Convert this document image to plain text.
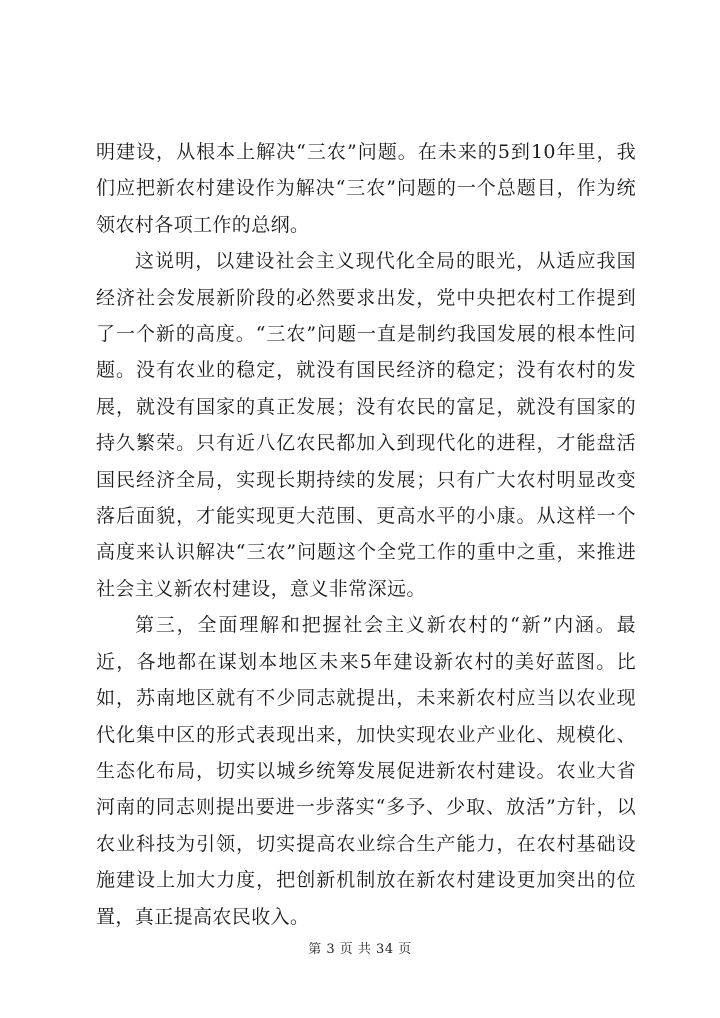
明建设，从根本上解决“三农”问题。在未来的5到10年里，我们应把新农村建设作为解决“三农”问题的一个总题目，作为统领农村各项工作的总纲。

这说明，以建设社会主义现代化全局的眼光，从适应我国经济社会发展新阶段的必然要求出发，党中央把农村工作提到了一个新的高度。“三农”问题一直是制约我国发展的根本性问题。没有农业的稳定，就没有国民经济的稳定；没有农村的发展，就没有国家的真正发展；没有农民的富足，就没有国家的持久繁荣。只有近八亿农民都加入到现代化的进程，才能盘活国民经济全局，实现长期持续的发展；只有广大农村明显改变落后面貌，才能实现更大范围、更高水平的小康。从这样一个高度来认识解决“三农”问题这个全党工作的重中之重，来推进社会主义新农村建设，意义非常深远。

第三，全面理解和把握社会主义新农村的“新”内涵。最近，各地都在谋划本地区未来5年建设新农村的美好蓝图。比如，苏南地区就有不少同志就提出，未来新农村应当以农业现代化集中区的形式表现出来，加快实现农业产业化、规模化、生态化布局，切实以城乡统筹发展促进新农村建设。农业大省河南的同志则提出要进一步落实“多予、少取、放活”方针，以农业科技为引领，切实提高农业综合生产能力，在农村基础设施建设上加大力度，把创新机制放在新农村建设更加突出的位置，真正提高农民收入。

第 3 页 共 34 页
